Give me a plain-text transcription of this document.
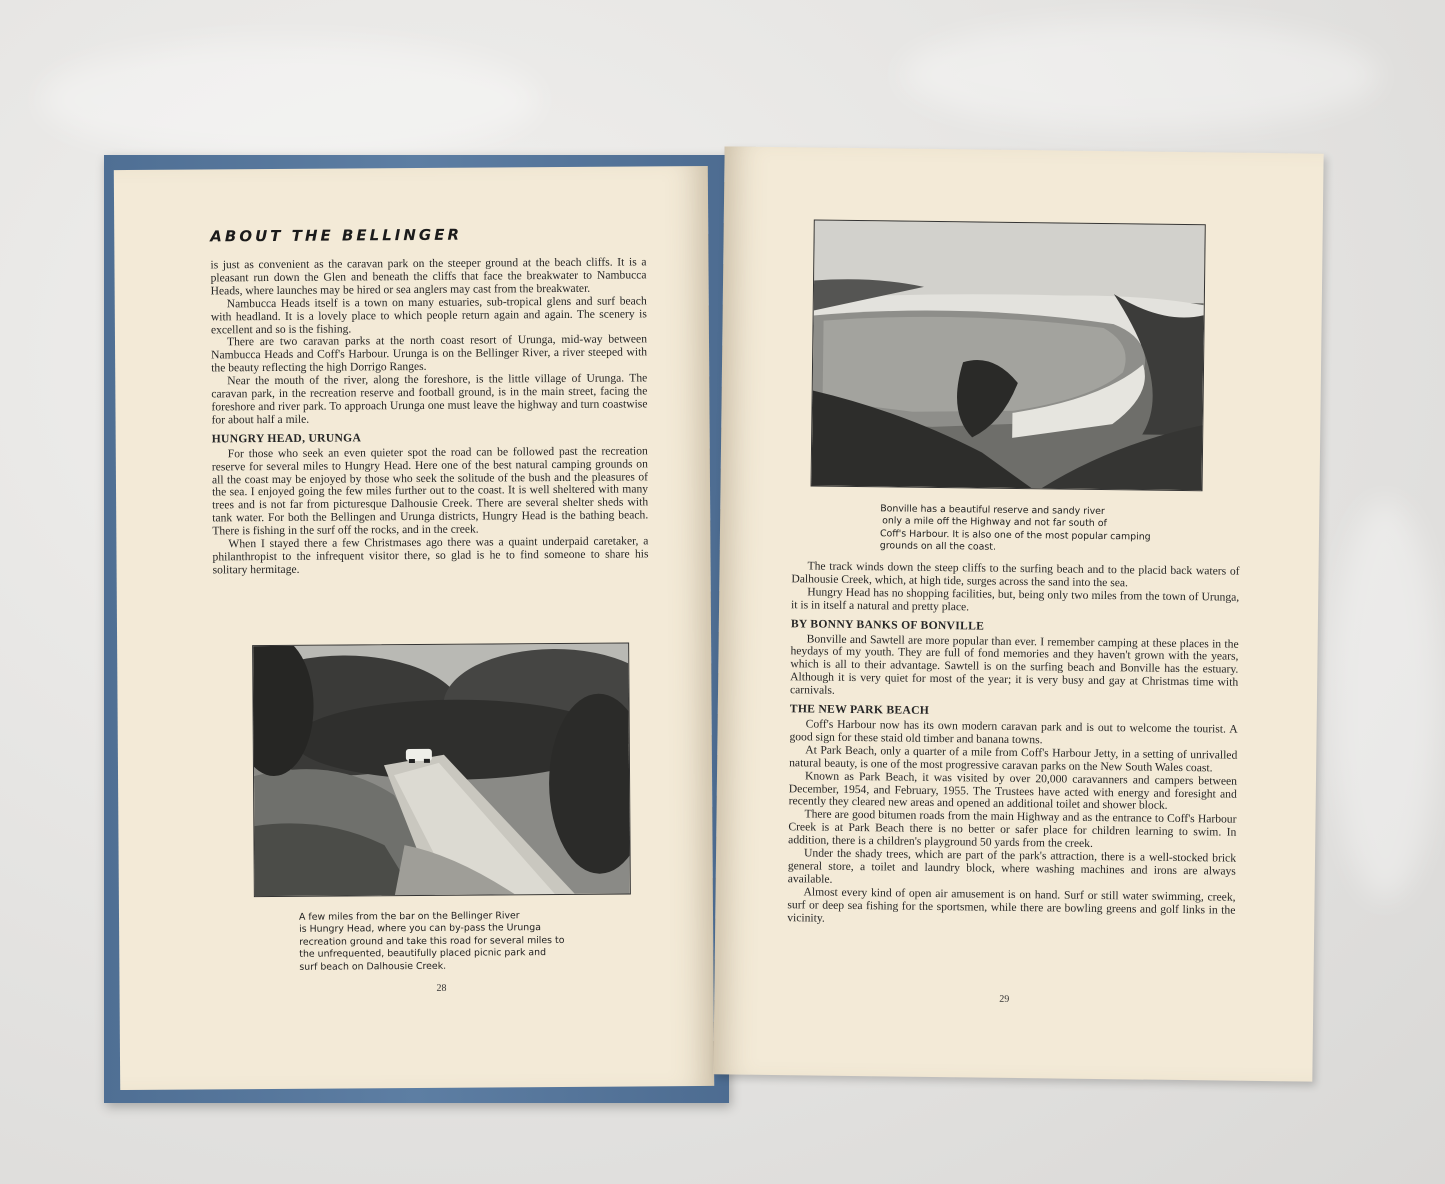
ABOUT THE BELLINGER

is just as convenient as the caravan park on the steeper ground at the beach cliffs. It is a pleasant run down the Glen and beneath the cliffs that face the breakwater to Nambucca Heads, where launches may be hired or sea anglers may cast from the breakwater.

Nambucca Heads itself is a town on many estuaries, sub-tropical glens and surf beach with headland. It is a lovely place to which people return again and again. The scenery is excellent and so is the fishing.

There are two caravan parks at the north coast resort of Urunga, mid-way between Nambucca Heads and Coff's Harbour. Urunga is on the Bellinger River, a river steeped with the beauty reflecting the high Dorrigo Ranges.

Near the mouth of the river, along the foreshore, is the little village of Urunga. The caravan park, in the recreation reserve and football ground, is in the main street, facing the foreshore and river park. To approach Urunga one must leave the highway and turn coastwise for about half a mile.

HUNGRY HEAD, URUNGA

For those who seek an even quieter spot the road can be followed past the recreation reserve for several miles to Hungry Head. Here one of the best natural camping grounds on all the coast may be enjoyed by those who seek the solitude of the bush and the pleasures of the sea. I enjoyed going the few miles further out to the coast. It is well sheltered with many trees and is not far from picturesque Dalhousie Creek. There are several shelter sheds with tank water. For both the Bellingen and Urunga districts, Hungry Head is the bathing beach. There is fishing in the surf off the rocks, and in the creek.

When I stayed there a few Christmases ago there was a quaint underpaid caretaker, a philanthropist to the infrequent visitor there, so glad is he to find someone to share his solitary hermitage.

A few miles from the bar on the Bellinger River
is Hungry Head, where you can by-pass the Urunga
recreation ground and take this road for several miles to
the unfrequented, beautifully placed picnic park and
surf beach on Dalhousie Creek.
28
Bonville has a beautiful reserve and sandy river
only a mile off the Highway and not far south of
Coff's Harbour. It is also one of the most popular camping
grounds on all the coast.

The track winds down the steep cliffs to the surfing beach and to the placid back waters of Dalhousie Creek, which, at high tide, surges across the sand into the sea.

Hungry Head has no shopping facilities, but, being only two miles from the town of Urunga, it is in itself a natural and pretty place.

BY BONNY BANKS OF BONVILLE

Bonville and Sawtell are more popular than ever. I remember camping at these places in the heydays of my youth. They are full of fond memories and they haven't grown with the years, which is all to their advantage. Sawtell is on the surfing beach and Bonville has the estuary. Although it is very quiet for most of the year; it is very busy and gay at Christmas time with carnivals.

THE NEW PARK BEACH

Coff's Harbour now has its own modern caravan park and is out to welcome the tourist. A good sign for these staid old timber and banana towns.

At Park Beach, only a quarter of a mile from Coff's Harbour Jetty, in a setting of unrivalled natural beauty, is one of the most progressive caravan parks on the New South Wales coast.

Known as Park Beach, it was visited by over 20,000 caravanners and campers between December, 1954, and February, 1955. The Trustees have acted with energy and foresight and recently they cleared new areas and opened an additional toilet and shower block.

There are good bitumen roads from the main Highway and as the entrance to Coff's Harbour Creek is at Park Beach there is no better or safer place for children learning to swim. In addition, there is a children's playground 50 yards from the creek.

Under the shady trees, which are part of the park's attraction, there is a well-stocked brick general store, a toilet and laundry block, where washing machines and irons are always available.

Almost every kind of open air amusement is on hand. Surf or still water swimming, creek, surf or deep sea fishing for the sportsmen, while there are bowling greens and golf links in the vicinity.

29
